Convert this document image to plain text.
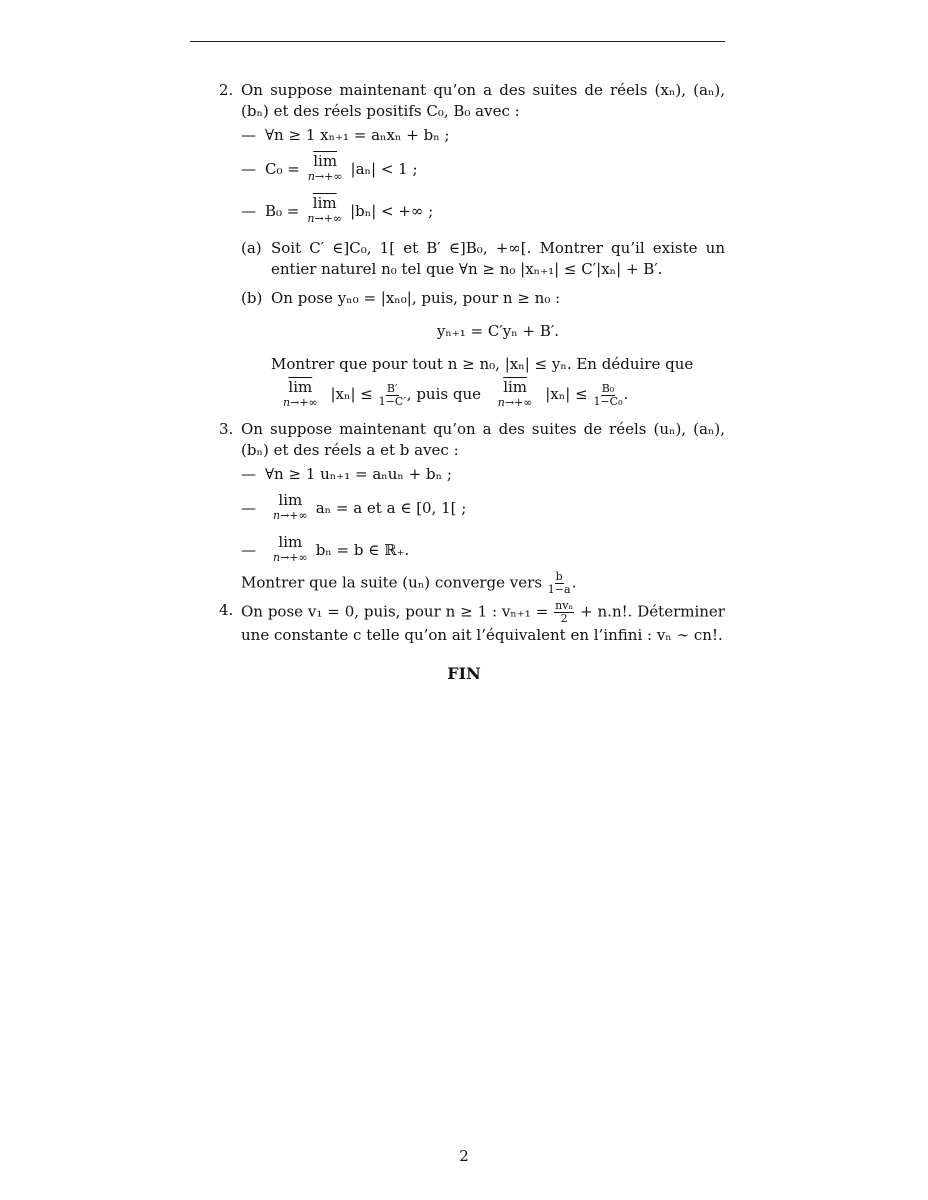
2. On suppose maintenant qu’on a des suites de réels (xₙ), (aₙ), (bₙ) et des réels positifs C₀, B₀ avec :

— ∀n ≥ 1 xₙ₊₁ = aₙxₙ + bₙ ;
— $C_0 = \overline{lim}$
n→+∞ |aₙ| < 1 ;
— $B_0 = \overline{lim}$
n→+∞ |bₙ| < +∞ ;
(a) Soit C′ ∈]C₀, 1[ et B′ ∈]B₀, +∞[. Montrer qu’il existe un entier naturel n₀ tel que ∀n ≥ n₀ |xₙ₊₁| ≤ C′|xₙ| + B′.

(b) On pose yₙ₀ = |xₙ₀|, puis, pour n ≥ n₀ :

yₙ₊₁ = C′yₙ + B′.

Montrer que pour tout n ≥ n₀, |xₙ| ≤ yₙ. En déduire que

$\overline{lim}$
n→+∞ $|x_n| \le \frac{B'}{1-C'}$ , puis que $\overline{lim}$
n→+∞ $|x_n| \le \frac{\text{B₀}}{\text{1−C₀}}$ .
3. On suppose maintenant qu’on a des suites de réels (uₙ), (aₙ), (bₙ) et des réels a et b avec :

— ∀n ≥ 1 uₙ₊₁ = aₙuₙ + bₙ ;
—	lim
n→+∞ aₙ = a et a ∈ [0, 1[ ;
—	lim
n→+∞ bₙ = b ∈ ℝ₊.

Montrer que la suite (uₙ) converge vers $\frac{b}{1-a}$ .

4. On pose v₁ = 0, puis, pour n ≥ 1 : $v_{n+1} = \frac{\text{nvₙ}}{2} + n.n$!. Déterminer une constante c telle qu’on ait l’équivalent en l’infini : vₙ ∼ cn!.

FIN
2
